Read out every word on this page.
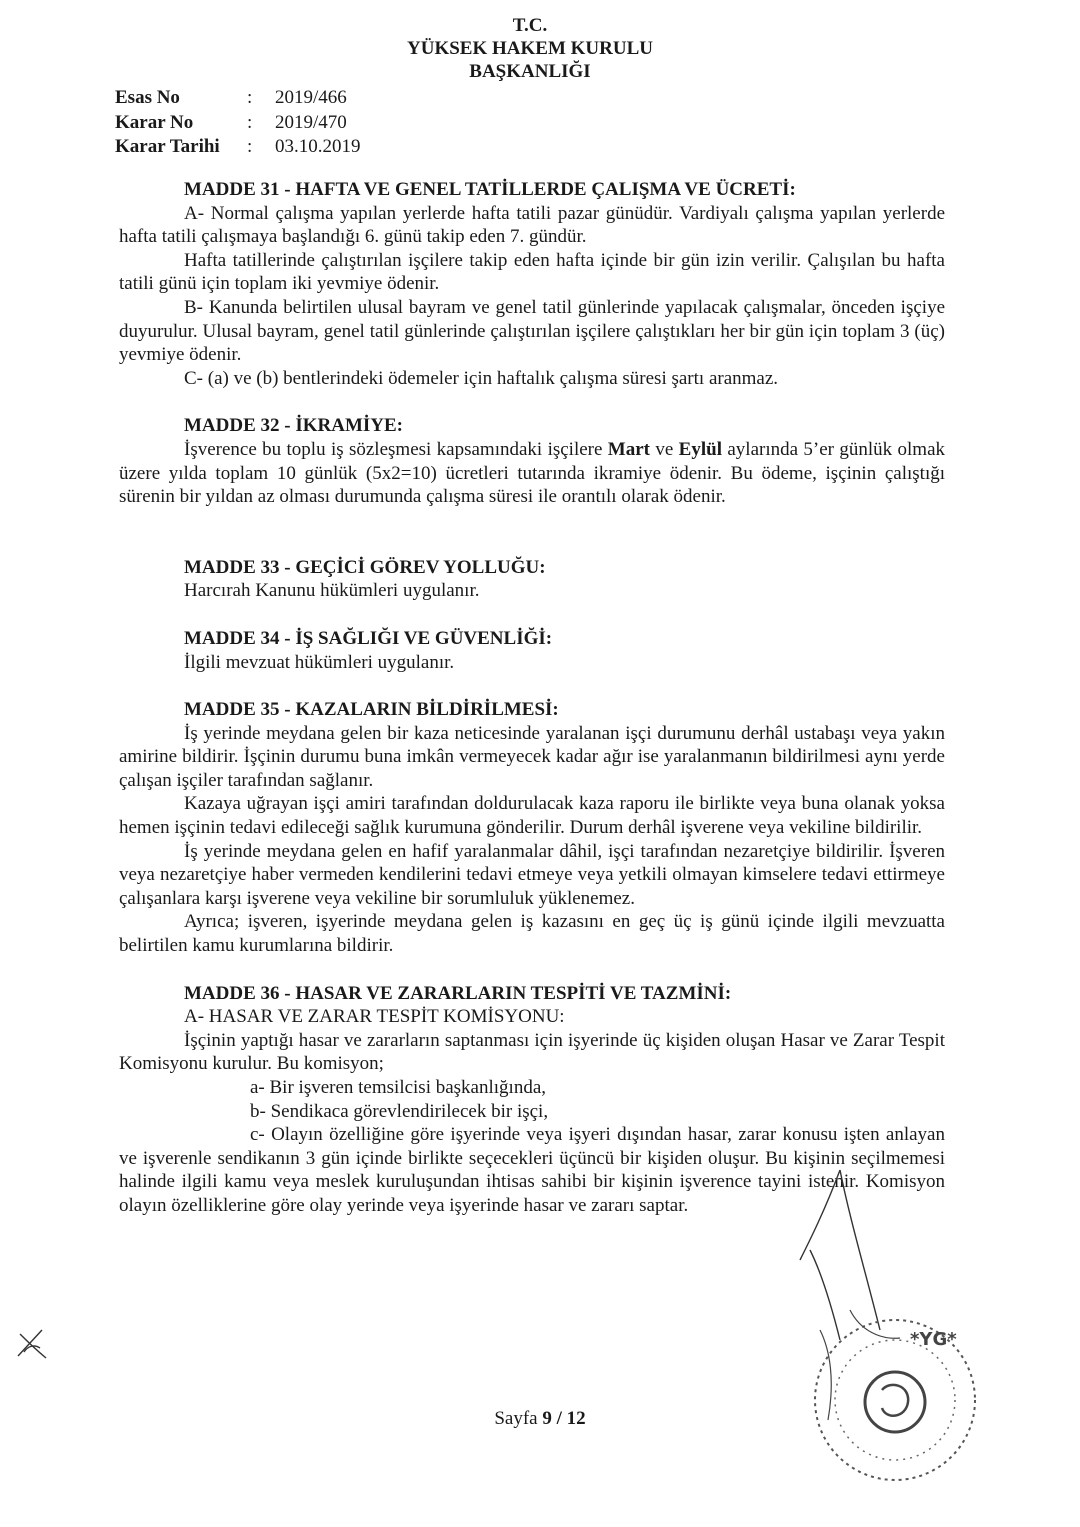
T.C.
YÜKSEK HAKEM KURULU
BAŞKANLIĞI
Esas No	:	2019/466
Karar No	:	2019/470
Karar Tarihi	:	03.10.2019

MADDE 31 - HAFTA VE GENEL TATİLLERDE ÇALIŞMA VE ÜCRETİ:

A- Normal çalışma yapılan yerlerde hafta tatili pazar günüdür. Vardiyalı çalışma yapılan yerlerde hafta tatili çalışmaya başlandığı 6. günü takip eden 7. gündür.

Hafta tatillerinde çalıştırılan işçilere takip eden hafta içinde bir gün izin verilir. Çalışılan bu hafta tatili günü için toplam iki yevmiye ödenir.

B- Kanunda belirtilen ulusal bayram ve genel tatil günlerinde yapılacak çalışmalar, önceden işçiye duyurulur. Ulusal bayram, genel tatil günlerinde çalıştırılan işçilere çalıştıkları her bir gün için toplam 3 (üç) yevmiye ödenir.

C- (a) ve (b) bentlerindeki ödemeler için haftalık çalışma süresi şartı aranmaz.

MADDE 32 - İKRAMİYE:

İşverence bu toplu iş sözleşmesi kapsamındaki işçilere Mart ve Eylül aylarında 5’er günlük olmak üzere yılda toplam 10 günlük (5x2=10) ücretleri tutarında ikramiye ödenir. Bu ödeme, işçinin çalıştığı sürenin bir yıldan az olması durumunda çalışma süresi ile orantılı olarak ödenir.

MADDE 33 - GEÇİCİ GÖREV YOLLUĞU:

Harcırah Kanunu hükümleri uygulanır.

MADDE 34 - İŞ SAĞLIĞI VE GÜVENLİĞİ:

İlgili mevzuat hükümleri uygulanır.

MADDE 35 - KAZALARIN BİLDİRİLMESİ:

İş yerinde meydana gelen bir kaza neticesinde yaralanan işçi durumunu derhâl ustabaşı veya yakın amirine bildirir. İşçinin durumu buna imkân vermeyecek kadar ağır ise yaralanmanın bildirilmesi aynı yerde çalışan işçiler tarafından sağlanır.

Kazaya uğrayan işçi amiri tarafından doldurulacak kaza raporu ile birlikte veya buna olanak yoksa hemen işçinin tedavi edileceği sağlık kurumuna gönderilir. Durum derhâl işverene veya vekiline bildirilir.

İş yerinde meydana gelen en hafif yaralanmalar dâhil, işçi tarafından nezaretçiye bildirilir. İşveren veya nezaretçiye haber vermeden kendilerini tedavi etmeye veya yetkili olmayan kimselere tedavi ettirmeye çalışanlara karşı işverene veya vekiline bir sorumluluk yüklenemez.

Ayrıca; işveren, işyerinde meydana gelen iş kazasını en geç üç iş günü içinde ilgili mevzuatta belirtilen kamu kurumlarına bildirir.

MADDE 36 - HASAR VE ZARARLARIN TESPİTİ VE TAZMİNİ:

A- HASAR VE ZARAR TESPİT KOMİSYONU:

İşçinin yaptığı hasar ve zararların saptanması için işyerinde üç kişiden oluşan Hasar ve Zarar Tespit Komisyonu kurulur. Bu komisyon;

a- Bir işveren temsilcisi başkanlığında,

b- Sendikaca görevlendirilecek bir işçi,

c- Olayın özelliğine göre işyerinde veya işyeri dışından hasar, zarar konusu işten anlayan ve işverenle sendikanın 3 gün içinde birlikte seçecekleri üçüncü bir kişiden oluşur. Bu kişinin seçilmemesi halinde ilgili kamu veya meslek kuruluşundan ihtisas sahibi bir kişinin işverence tayini istenir. Komisyon olayın özelliklerine göre olay yerinde veya işyerinde hasar ve zararı saptar.

Sayfa 9 / 12
*YG*
